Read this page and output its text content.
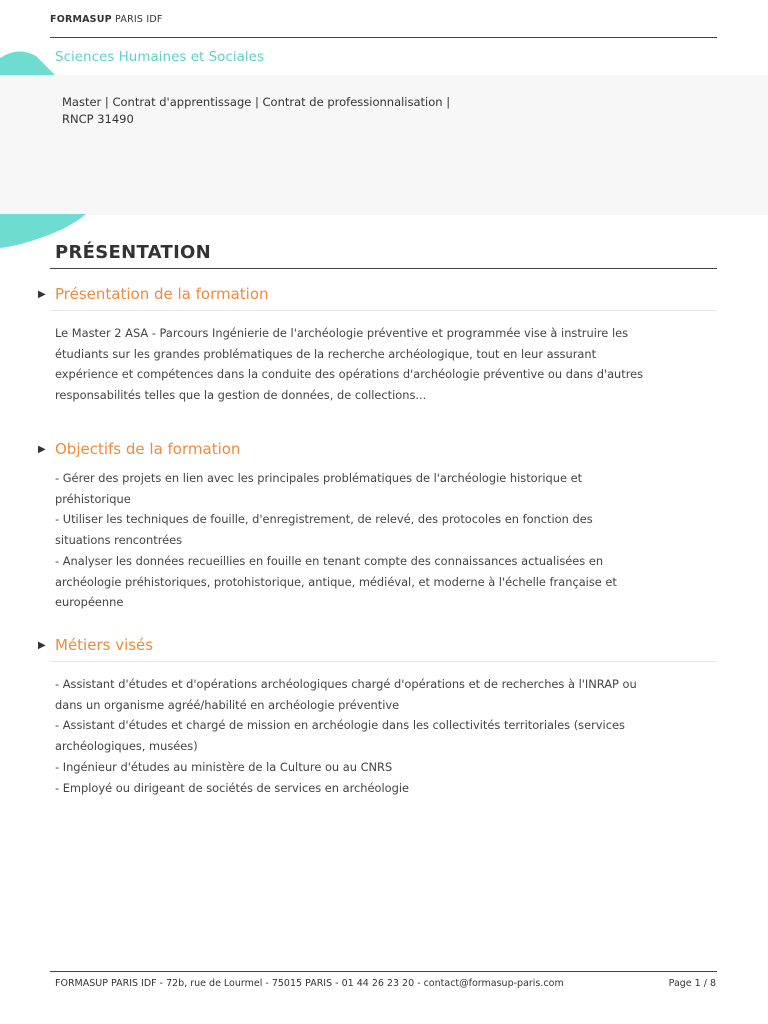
FORMASUP PARIS IDF
Sciences Humaines et Sociales
Master | Contrat d'apprentissage | Contrat de professionnalisation |
RNCP 31490
PRÉSENTATION
▶ Présentation de la formation
Le Master 2 ASA - Parcours Ingénierie de l'archéologie préventive et programmée vise à instruire les
étudiants sur les grandes problématiques de la recherche archéologique, tout en leur assurant
expérience et compétences dans la conduite des opérations d'archéologie préventive ou dans d'autres
responsabilités telles que la gestion de données, de collections...
▶ Objectifs de la formation
- Gérer des projets en lien avec les principales problématiques de l'archéologie historique et
préhistorique
- Utiliser les techniques de fouille, d'enregistrement, de relevé, des protocoles en fonction des
situations rencontrées
- Analyser les données recueillies en fouille en tenant compte des connaissances actualisées en
archéologie préhistoriques, protohistorique, antique, médiéval, et moderne à l'échelle française et
européenne
▶ Métiers visés
- Assistant d'études et d'opérations archéologiques chargé d'opérations et de recherches à l'INRAP ou
dans un organisme agréé/habilité en archéologie préventive
- Assistant d'études et chargé de mission en archéologie dans les collectivités territoriales (services
archéologiques, musées)
- Ingénieur d'études au ministère de la Culture ou au CNRS
- Employé ou dirigeant de sociétés de services en archéologie
FORMASUP PARIS IDF - 72b, rue de Lourmel - 75015 PARIS - 01 44 26 23 20 - contact@formasup-paris.com	Page 1 / 8
